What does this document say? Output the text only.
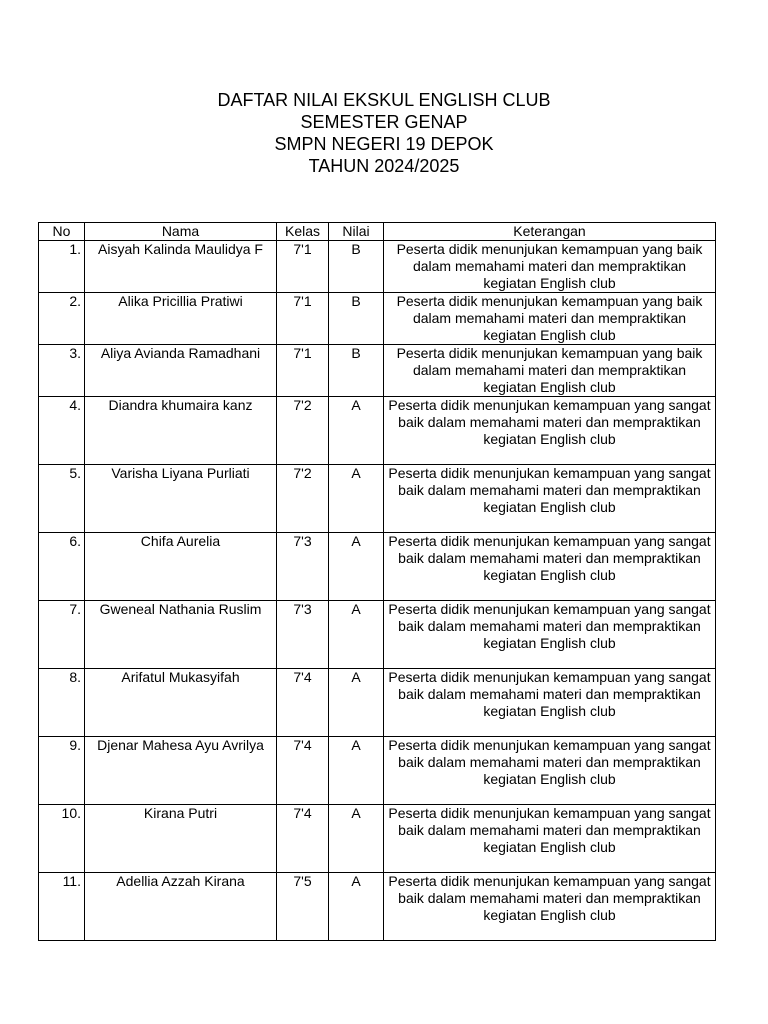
DAFTAR NILAI EKSKUL ENGLISH CLUB
SEMESTER GENAP
SMPN NEGERI 19 DEPOK
TAHUN 2024/2025
No	Nama	Kelas	Nilai	Keterangan
1.	Aisyah Kalinda Maulidya F	7'1	B	Peserta didik menunjukan kemampuan yang baik dalam memahami materi dan mempraktikan kegiatan English club
2.	Alika Pricillia Pratiwi	7'1	B	Peserta didik menunjukan kemampuan yang baik dalam memahami materi dan mempraktikan kegiatan English club
3.	Aliya Avianda Ramadhani	7'1	B	Peserta didik menunjukan kemampuan yang baik dalam memahami materi dan mempraktikan kegiatan English club
4.	Diandra khumaira kanz	7'2	A	Peserta didik menunjukan kemampuan yang sangat baik dalam memahami materi dan mempraktikan kegiatan English club
5.	Varisha Liyana Purliati	7'2	A	Peserta didik menunjukan kemampuan yang sangat baik dalam memahami materi dan mempraktikan kegiatan English club
6.	Chifa Aurelia	7'3	A	Peserta didik menunjukan kemampuan yang sangat baik dalam memahami materi dan mempraktikan kegiatan English club
7.	Gweneal Nathania Ruslim	7'3	A	Peserta didik menunjukan kemampuan yang sangat baik dalam memahami materi dan mempraktikan kegiatan English club
8.	Arifatul Mukasyifah	7'4	A	Peserta didik menunjukan kemampuan yang sangat baik dalam memahami materi dan mempraktikan kegiatan English club
9.	Djenar Mahesa Ayu Avrilya	7'4	A	Peserta didik menunjukan kemampuan yang sangat baik dalam memahami materi dan mempraktikan kegiatan English club
10.	Kirana Putri	7'4	A	Peserta didik menunjukan kemampuan yang sangat baik dalam memahami materi dan mempraktikan kegiatan English club
11.	Adellia Azzah Kirana	7'5	A	Peserta didik menunjukan kemampuan yang sangat baik dalam memahami materi dan mempraktikan kegiatan English club
